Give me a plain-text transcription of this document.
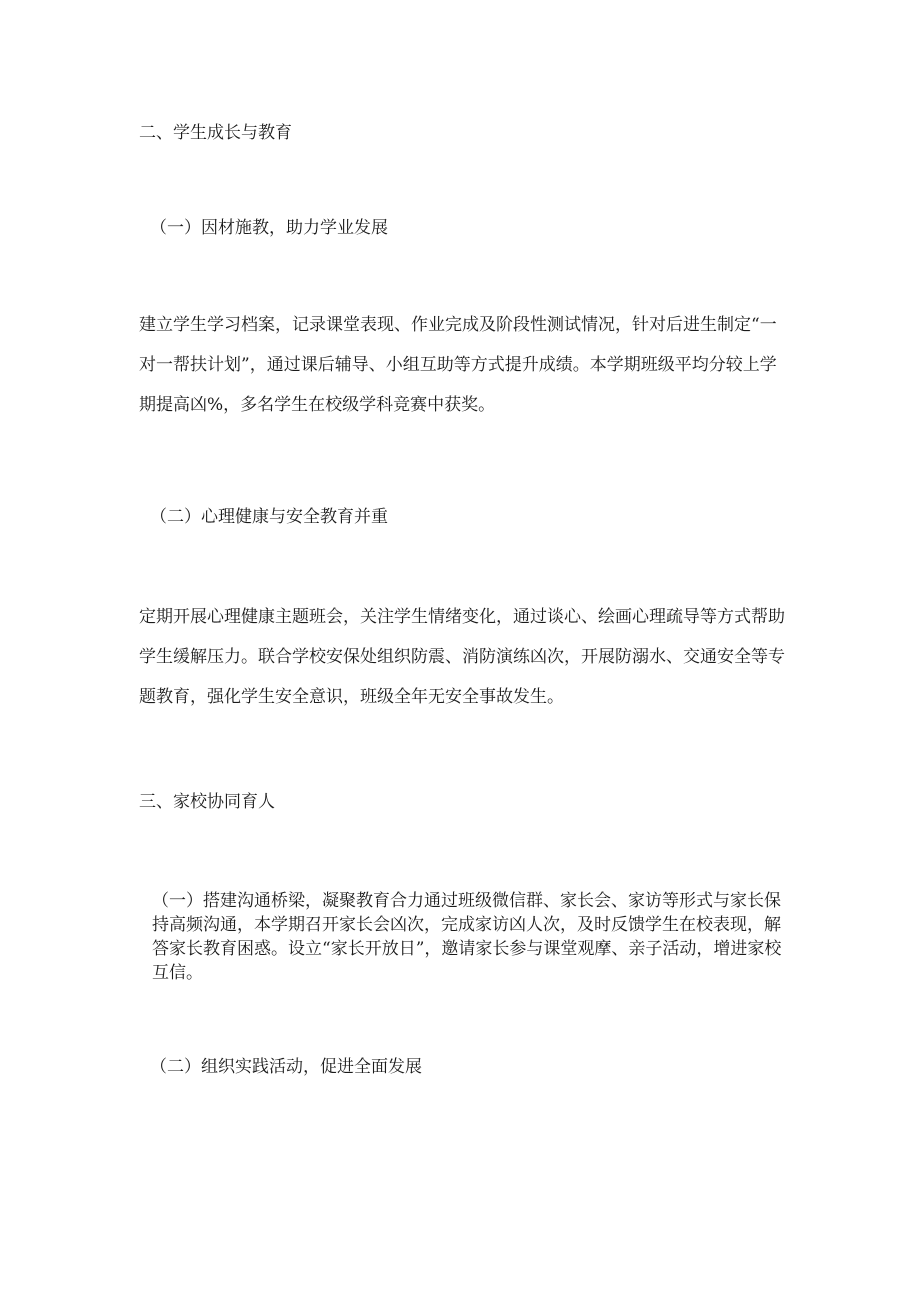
二、学生成长与教育

（一）因材施教，助力学业发展

建立学生学习档案，记录课堂表现、作业完成及阶段性测试情况，针对后进生制定“一对一帮扶计划”，通过课后辅导、小组互助等方式提升成绩。本学期班级平均分较上学期提高凶%，多名学生在校级学科竞赛中获奖。

（二）心理健康与安全教育并重

定期开展心理健康主题班会，关注学生情绪变化，通过谈心、绘画心理疏导等方式帮助学生缓解压力。联合学校安保处组织防震、消防演练凶次，开展防溺水、交通安全等专题教育，强化学生安全意识，班级全年无安全事故发生。

三、家校协同育人

（一）搭建沟通桥梁，凝聚教育合力通过班级微信群、家长会、家访等形式与家长保持高频沟通，本学期召开家长会凶次，完成家访凶人次，及时反馈学生在校表现，解答家长教育困惑。设立“家长开放日”，邀请家长参与课堂观摩、亲子活动，增进家校互信。

（二）组织实践活动，促进全面发展
